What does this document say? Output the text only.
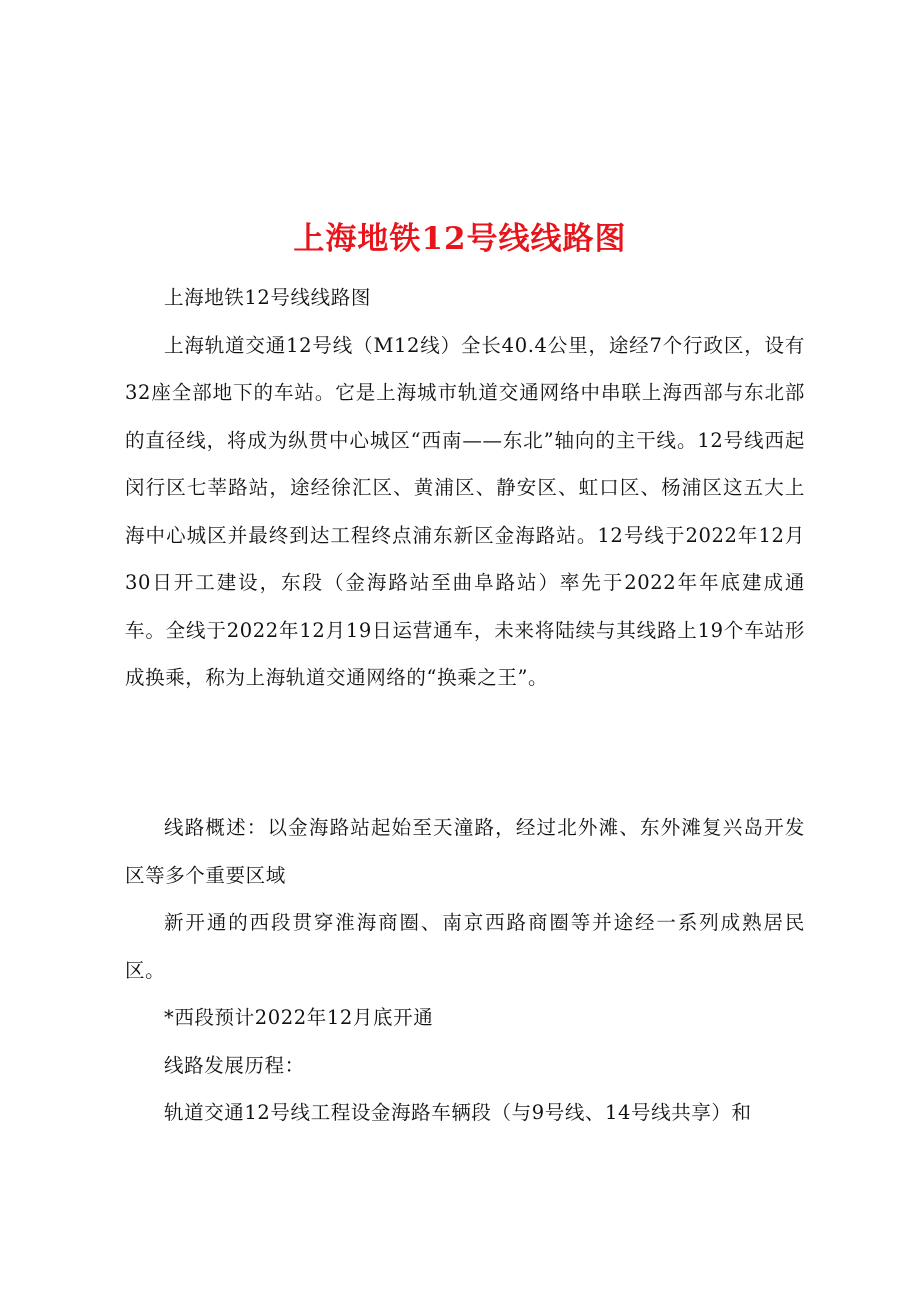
上海地铁12号线线路图

上海地铁12号线线路图

上海轨道交通12号线（M12线）全长40.4公里，途经7个行政区，设有32座全部地下的车站。它是上海城市轨道交通网络中串联上海西部与东北部的直径线，将成为纵贯中心城区“西南——东北”轴向的主干线。12号线西起闵行区七莘路站，途经徐汇区、黄浦区、静安区、虹口区、杨浦区这五大上海中心城区并最终到达工程终点浦东新区金海路站。12号线于2022年12月30日开工建设，东段（金海路站至曲阜路站）率先于2022年年底建成通车。全线于2022年12月19日运营通车，未来将陆续与其线路上19个车站形成换乘，称为上海轨道交通网络的“换乘之王”。

线路概述：以金海路站起始至天潼路，经过北外滩、东外滩复兴岛开发区等多个重要区域

新开通的西段贯穿淮海商圈、南京西路商圈等并途经一系列成熟居民区。

*西段预计2022年12月底开通

线路发展历程：

轨道交通12号线工程设金海路车辆段（与9号线、14号线共享）和
